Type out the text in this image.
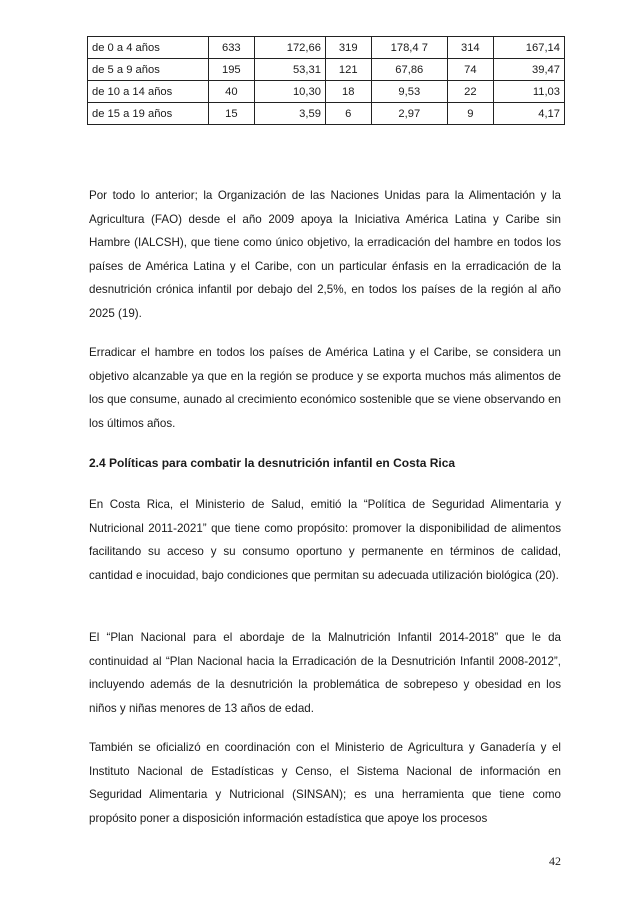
de 0 a 4 años	633	172,66	319	178,4 7	314	167,14
de 5 a 9 años	195	53,31	121	67,86	74	39,47
de 10 a 14 años	40	10,30	18	9,53	22	11,03
de 15 a 19 años	15	3,59	6	2,97	9	4,17

Por todo lo anterior; la Organización de las Naciones Unidas para la Alimentación y la Agricultura (FAO) desde el año 2009 apoya la Iniciativa América Latina y Caribe sin Hambre (IALCSH), que tiene como único objetivo, la erradicación del hambre en todos los países de América Latina y el Caribe, con un particular énfasis en la erradicación de la desnutrición crónica infantil por debajo del 2,5%, en todos los países de la región al año 2025 (19).

Erradicar el hambre en todos los países de América Latina y el Caribe, se considera un objetivo alcanzable ya que en la región se produce y se exporta muchos más alimentos de los que consume, aunado al crecimiento económico sostenible que se viene observando en los últimos años.

2.4 Políticas para combatir la desnutrición infantil en Costa Rica

En Costa Rica, el Ministerio de Salud, emitió la “Política de Seguridad Alimentaria y Nutricional 2011-2021” que tiene como propósito: promover la disponibilidad de alimentos facilitando su acceso y su consumo oportuno y permanente en términos de calidad, cantidad e inocuidad, bajo condiciones que permitan su adecuada utilización biológica (20).

El “Plan Nacional para el abordaje de la Malnutrición Infantil 2014-2018” que le da continuidad al “Plan Nacional hacia la Erradicación de la Desnutrición Infantil 2008-2012”, incluyendo además de la desnutrición la problemática de sobrepeso y obesidad en los niños y niñas menores de 13 años de edad.

También se oficializó en coordinación con el Ministerio de Agricultura y Ganadería y el Instituto Nacional de Estadísticas y Censo, el Sistema Nacional de información en Seguridad Alimentaria y Nutricional (SINSAN); es una herramienta que tiene como propósito poner a disposición información estadística que apoye los procesos

42
